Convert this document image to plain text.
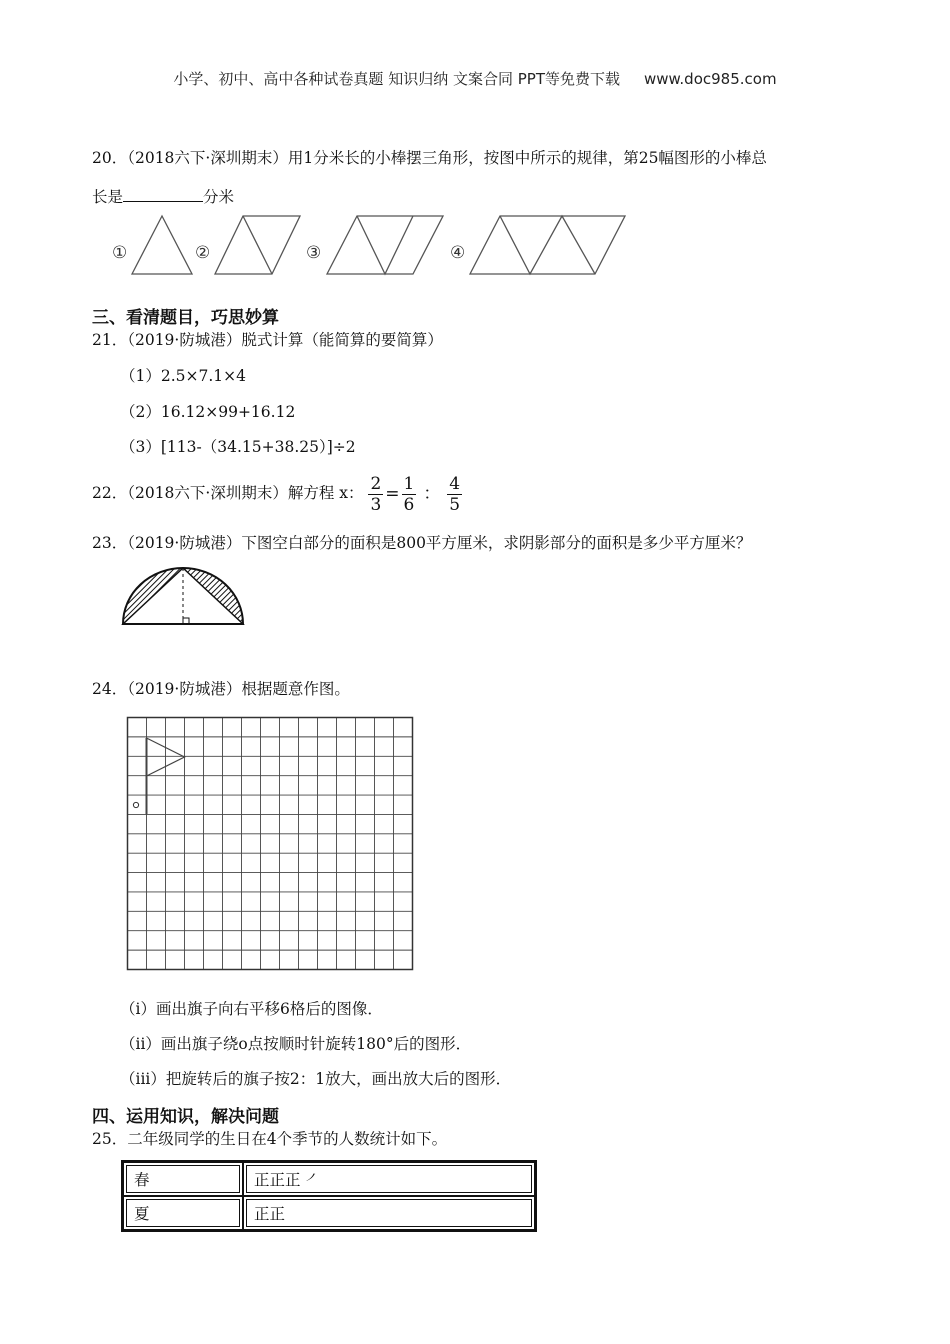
小学、初中、高中各种试卷真题 知识归纳 文案合同 PPT等免费下载 www.doc985.com
20．（2018六下·深圳期末）用1分米长的小棒摆三角形，按图中所示的规律，第25幅图形的小棒总
长是	分米
①	②	③	④
三、看清题目，巧思妙算
21．（2019·防城港）脱式计算（能简算的要简算）
（1）2.5×7.1×4
（2）16.12×99+16.12
（3）[113-（34.15+38.25）]÷2
22．（2018六下·深圳期末）解方程 x： $\frac{2}{3} = \frac{1}{6}$ ： $\frac{4}{5}$
23．（2019·防城港）下图空白部分的面积是800平方厘米，求阴影部分的面积是多少平方厘米？
24．（2019·防城港）根据题意作图。
o
（i）画出旗子向右平移6格后的图像．
（ii）画出旗子绕o点按顺时针旋转180°后的图形．
（iii）把旋转后的旗子按2：1放大，画出放大后的图形．
四、运用知识，解决问题
25．二年级同学的生日在4个季节的人数统计如下。
春	正正正 ㇒
夏	正正
